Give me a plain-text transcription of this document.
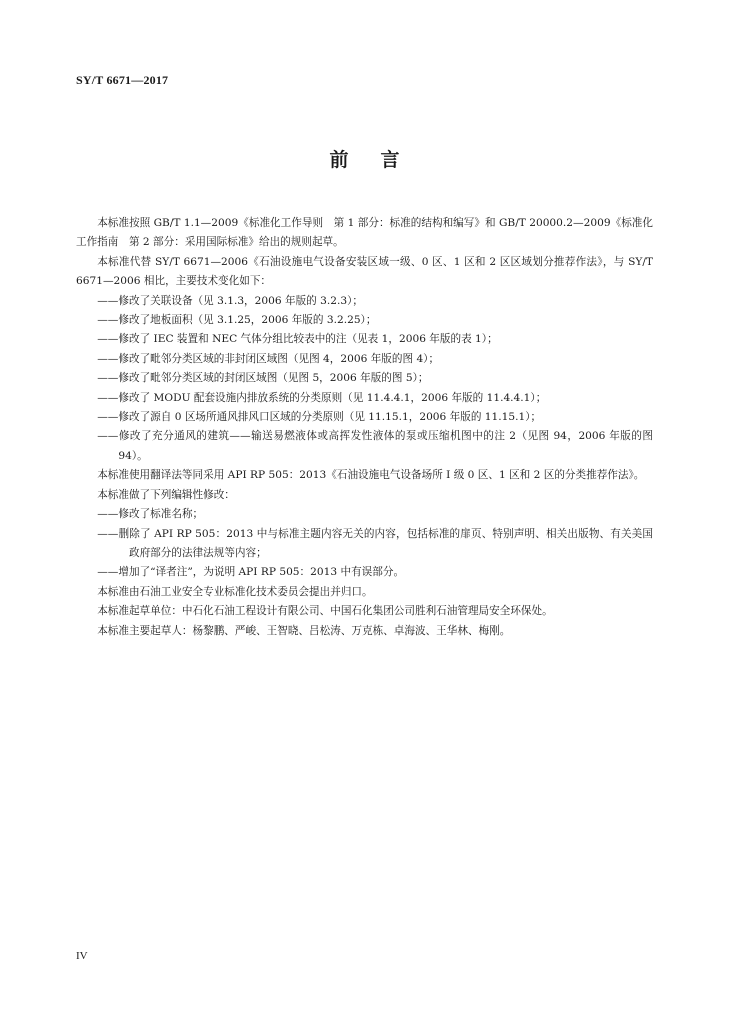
SY/T 6671—2017
前言

本标准按照 GB/T 1.1—2009《标准化工作导则　第 1 部分：标准的结构和编写》和 GB/T 20000.2—2009《标准化工作指南　第 2 部分：采用国际标准》给出的规则起草。

本标准代替 SY/T 6671—2006《石油设施电气设备安装区域一级、0 区、1 区和 2 区区域划分推荐作法》，与 SY/T 6671—2006 相比，主要技术变化如下：

——修改了关联设备（见 3.1.3，2006 年版的 3.2.3）；

——修改了地板面积（见 3.1.25，2006 年版的 3.2.25）；

——修改了 IEC 装置和 NEC 气体分组比较表中的注（见表 1，2006 年版的表 1）；

——修改了毗邻分类区域的非封闭区域图（见图 4，2006 年版的图 4）；

——修改了毗邻分类区域的封闭区域图（见图 5，2006 年版的图 5）；

——修改了 MODU 配套设施内排放系统的分类原则（见 11.4.4.1，2006 年版的 11.4.4.1）；

——修改了源自 0 区场所通风排风口区域的分类原则（见 11.15.1，2006 年版的 11.15.1）；

——修改了充分通风的建筑——输送易燃液体或高挥发性液体的泵或压缩机图中的注 2（见图 94，2006 年版的图 94）。

本标准使用翻译法等同采用 API RP 505：2013《石油设施电气设备场所 I 级 0 区、1 区和 2 区的分类推荐作法》。

本标准做了下列编辑性修改：

——修改了标准名称；

——删除了 API RP 505：2013 中与标准主题内容无关的内容，包括标准的扉页、特别声明、相关出版物、有关美国政府部分的法律法规等内容；

——增加了“译者注”，为说明 API RP 505：2013 中有误部分。

本标准由石油工业安全专业标准化技术委员会提出并归口。

本标准起草单位：中石化石油工程设计有限公司、中国石化集团公司胜利石油管理局安全环保处。

本标准主要起草人：杨黎鹏、严峻、王智晓、吕松涛、万克栋、卓海波、王华林、梅刚。

IV
